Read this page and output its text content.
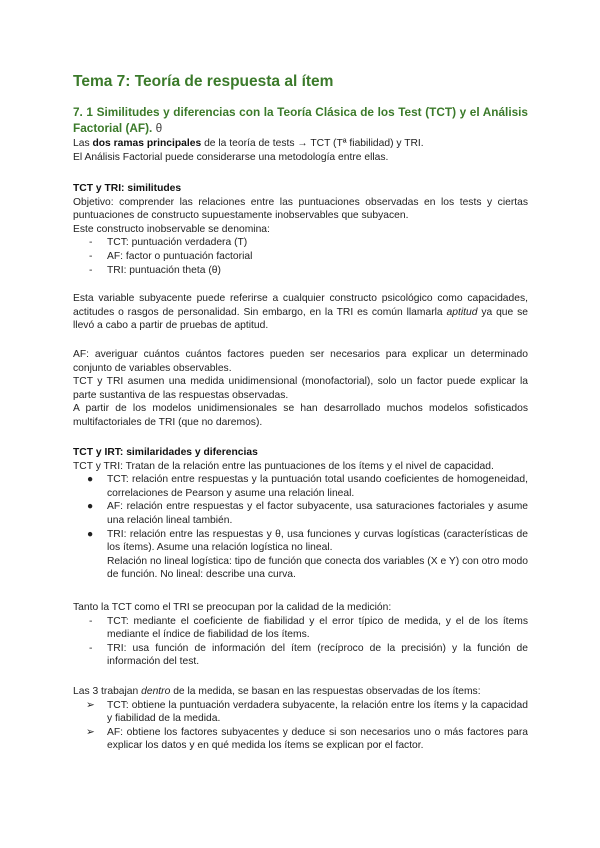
Tema 7: Teoría de respuesta al ítem
7. 1 Similitudes y diferencias con la Teoría Clásica de los Test (TCT) y el Análisis Factorial (AF). θ

Las dos ramas principales de la teoría de tests → TCT (Tª fiabilidad) y TRI.

El Análisis Factorial puede considerarse una metodología entre ellas.

TCT y TRI: similitudes

Objetivo: comprender las relaciones entre las puntuaciones observadas en los tests y ciertas puntuaciones de constructo supuestamente inobservables que subyacen.

Este constructo inobservable se denomina:

-	TCT: puntuación verdadera (T)
-	AF: factor o puntuación factorial
-	TRI: puntuación theta (θ)

Esta variable subyacente puede referirse a cualquier constructo psicológico como capacidades, actitudes o rasgos de personalidad. Sin embargo, en la TRI es común llamarla aptitud ya que se llevó a cabo a partir de pruebas de aptitud.

AF: averiguar cuántos cuántos factores pueden ser necesarios para explicar un determinado conjunto de variables observables.

TCT y TRI asumen una medida unidimensional (monofactorial), solo un factor puede explicar la parte sustantiva de las respuestas observadas.

A partir de los modelos unidimensionales se han desarrollado muchos modelos sofisticados multifactoriales de TRI (que no daremos).

TCT y IRT: similaridades y diferencias

TCT y TRI: Tratan de la relación entre las puntuaciones de los ítems y el nivel de capacidad.

●	TCT: relación entre respuestas y la puntuación total usando coeficientes de homogeneidad, correlaciones de Pearson y asume una relación lineal.
●	AF: relación entre respuestas y el factor subyacente, usa saturaciones factoriales y asume una relación lineal también.
●	TRI: relación entre las respuestas y θ, usa funciones y curvas logísticas (características de los ítems). Asume una relación logística no lineal.
Relación no lineal logística: tipo de función que conecta dos variables (X e Y) con otro modo de función. No lineal: describe una curva.

Tanto la TCT como el TRI se preocupan por la calidad de la medición:

-	TCT: mediante el coeficiente de fiabilidad y el error típico de medida, y el de los ítems mediante el índice de fiabilidad de los ítems.
-	TRI: usa función de información del ítem (recíproco de la precisión) y la función de información del test.

Las 3 trabajan dentro de la medida, se basan en las respuestas observadas de los ítems:

➢	TCT: obtiene la puntuación verdadera subyacente, la relación entre los ítems y la capacidad y fiabilidad de la medida.
➢	AF: obtiene los factores subyacentes y deduce si son necesarios uno o más factores para explicar los datos y en qué medida los ítems se explican por el factor.
